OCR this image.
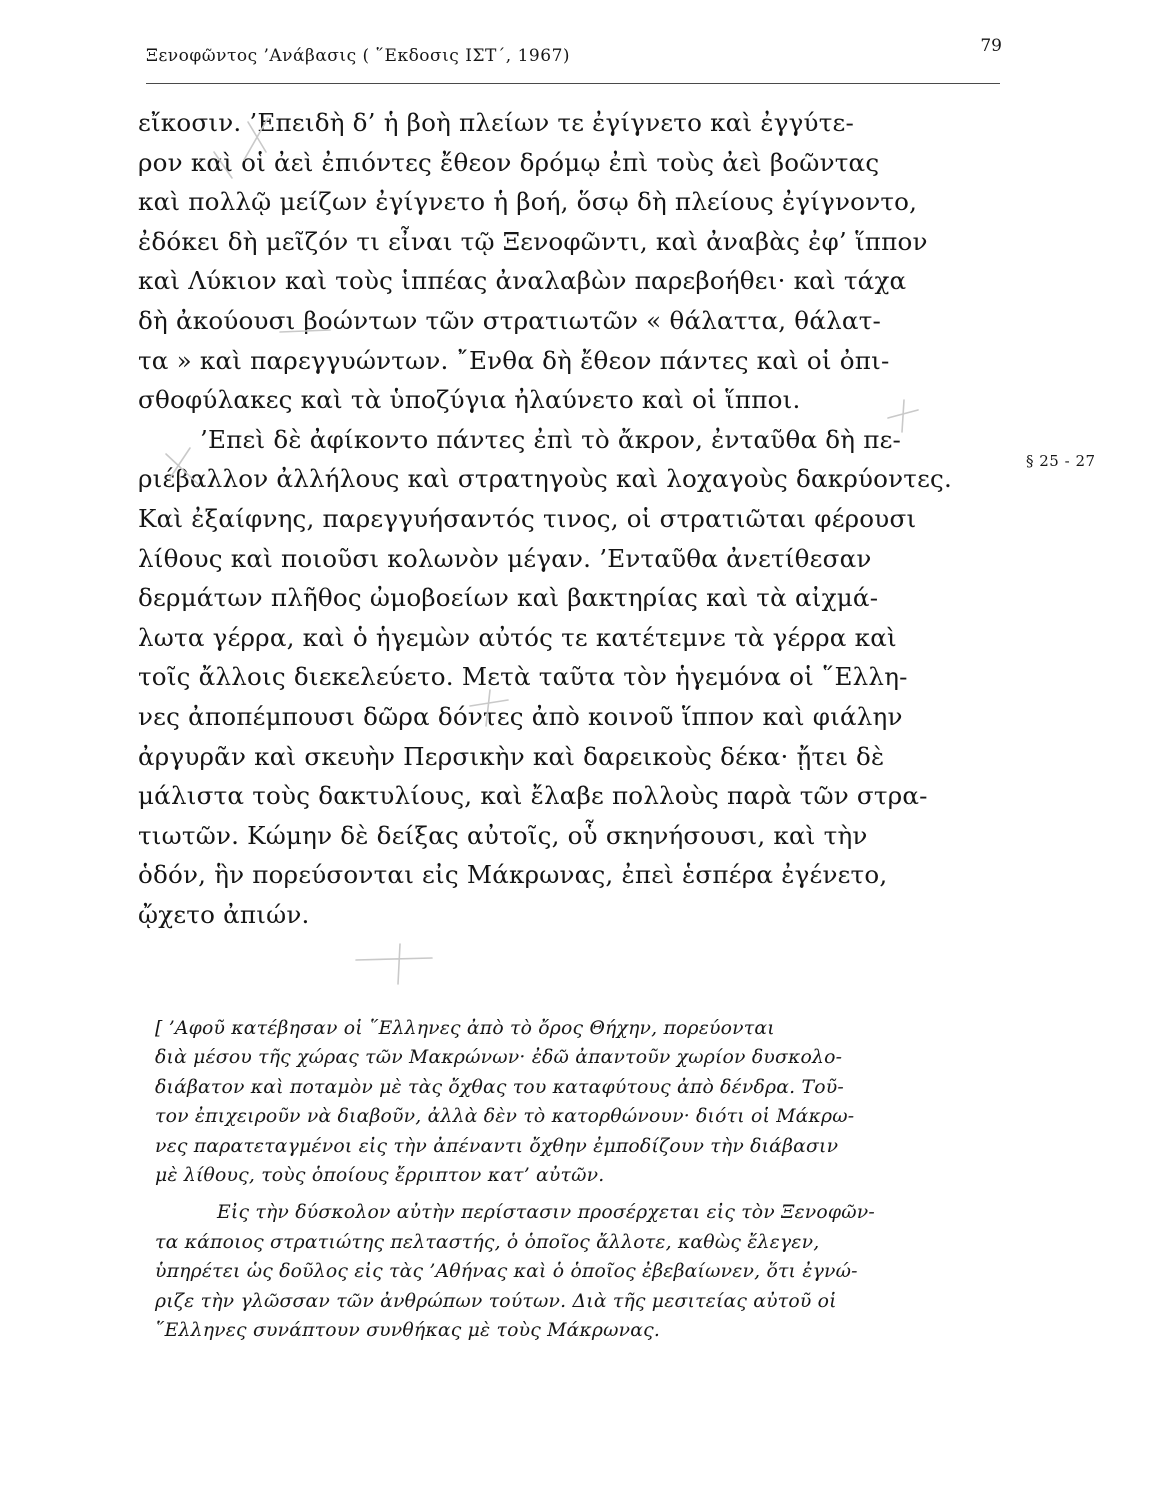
Ξενοφῶντος ’Ανάβασις ( ῞Εκδοσις ΙΣΤ΄, 1967)	79
εἴκοσιν. ’Επειδὴ δ’ ἡ βοὴ πλείων τε ἐγίγνετο καὶ ἐγγύτε-
ρον καὶ οἱ ἀεὶ ἐπιόντες ἔθεον δρόμῳ ἐπὶ τοὺς ἀεὶ βοῶντας
καὶ πολλῷ μείζων ἐγίγνετο ἡ βοή, ὅσῳ δὴ πλείους ἐγίγνοντο,
ἐδόκει δὴ μεῖζόν τι εἶναι τῷ Ξενοφῶντι, καὶ ἀναβὰς ἐφ’ ἵππον
καὶ Λύκιον καὶ τοὺς ἱππέας ἀναλαβὼν παρεβοήθει· καὶ τάχα
δὴ ἀκούουσι βοώντων τῶν στρατιωτῶν « θάλαττα, θάλατ-
τα » καὶ παρεγγυώντων. ῎Ενθα δὴ ἔθεον πάντες καὶ οἱ ὀπι-
σθοφύλακες καὶ τὰ ὑποζύγια ἠλαύνετο καὶ οἱ ἵπποι.
’Επεὶ δὲ ἀφίκοντο πάντες ἐπὶ τὸ ἄκρον, ἐνταῦθα δὴ πε-
ριέβαλλον ἀλλήλους καὶ στρατηγοὺς καὶ λοχαγοὺς δακρύοντες.
Καὶ ἐξαίφνης, παρεγγυήσαντός τινος, οἱ στρατιῶται φέρουσι
λίθους καὶ ποιοῦσι κολωνὸν μέγαν. ’Ενταῦθα ἀνετίθεσαν
δερμάτων πλῆθος ὠμοβοείων καὶ βακτηρίας καὶ τὰ αἰχμά-
λωτα γέρρα, καὶ ὁ ἡγεμὼν αὐτός τε κατέτεμνε τὰ γέρρα καὶ
τοῖς ἄλλοις διεκελεύετο. Μετὰ ταῦτα τὸν ἡγεμόνα οἱ ῞Ελλη-
νες ἀποπέμπουσι δῶρα δόντες ἀπὸ κοινοῦ ἵππον καὶ φιάλην
ἀργυρᾶν καὶ σκευὴν Περσικὴν καὶ δαρεικοὺς δέκα· ᾔτει δὲ
μάλιστα τοὺς δακτυλίους, καὶ ἔλαβε πολλοὺς παρὰ τῶν στρα-
τιωτῶν. Κώμην δὲ δείξας αὐτοῖς, οὗ σκηνήσουσι, καὶ τὴν
ὁδόν, ἣν πορεύσονται εἰς Μάκρωνας, ἐπεὶ ἑσπέρα ἐγένετο,
ᾤχετο ἀπιών.
§ 25 - 27
[ ’Αφοῦ κατέβησαν οἱ ῞Ελληνες ἀπὸ τὸ ὄρος Θήχην, πορεύονται
διὰ μέσου τῆς χώρας τῶν Μακρώνων· ἐδῶ ἀπαντοῦν χωρίον δυσκολο-
διάβατον καὶ ποταμὸν μὲ τὰς ὄχθας του καταφύτους ἀπὸ δένδρα. Τοῦ-
τον ἐπιχειροῦν νὰ διαβοῦν, ἀλλὰ δὲν τὸ κατορθώνουν· διότι οἱ Μάκρω-
νες παρατεταγμένοι εἰς τὴν ἀπέναντι ὄχθην ἐμποδίζουν τὴν διάβασιν
μὲ λίθους, τοὺς ὁποίους ἔρριπτον κατ’ αὐτῶν.
Εἰς τὴν δύσκολον αὐτὴν περίστασιν προσέρχεται εἰς τὸν Ξενοφῶν-
τα κάποιος στρατιώτης πελταστής, ὁ ὁποῖος ἄλλοτε, καθὼς ἔλεγεν,
ὑπηρέτει ὡς δοῦλος εἰς τὰς ’Αθήνας καὶ ὁ ὁποῖος ἐβεβαίωνεν, ὅτι ἐγνώ-
ριζε τὴν γλῶσσαν τῶν ἀνθρώπων τούτων. Διὰ τῆς μεσιτείας αὐτοῦ οἱ
῞Ελληνες συνάπτουν συνθήκας μὲ τοὺς Μάκρωνας.
